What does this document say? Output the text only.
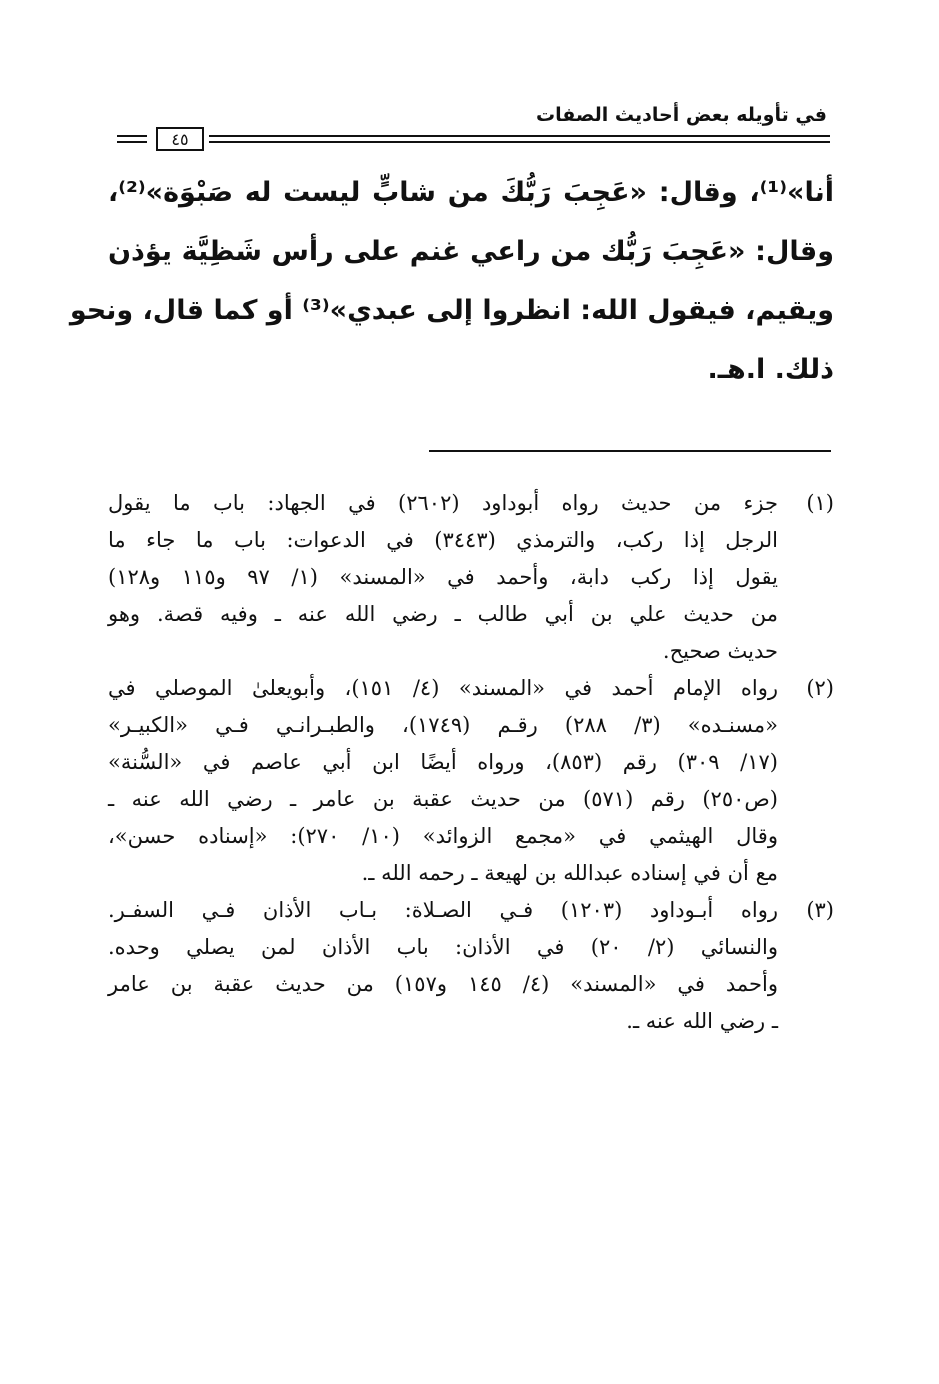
في تأويله بعض أحاديث الصفات
٤٥
أنا»⁽¹⁾، وقال: «عَجِبَ رَبُّكَ من شابٍّ ليست له صَبْوَة»⁽²⁾،
وقال: «عَجِبَ رَبُّك من راعي غنم على رأس شَظِيَّة يؤذن
ويقيم، فيقول الله: انظروا إلى عبدي»⁽³⁾ أو كما قال، ونحو
ذلك. ا.هـ.
(١)
جزء من حديث رواه أبوداود (٢٦٠٢) في الجهاد: باب ما يقول
الرجل إذا ركب، والترمذي (٣٤٤٣) في الدعوات: باب ما جاء ما
يقول إذا ركب دابة، وأحمد في «المسند» (١/ ٩٧ و١١٥ و١٢٨)
من حديث علي بن أبي طالب ـ رضي الله عنه ـ وفيه قصة. وهو
حديث صحيح.
(٢)
رواه الإمام أحمد في «المسند» (٤/ ١٥١)، وأبويعلىٰ الموصلي في
«مسنـده» (٣/ ٢٨٨) رقـم (١٧٤٩)، والطبـرانـي فـي «الكبيـر»
(١٧/ ٣٠٩) رقم (٨٥٣)، ورواه أيضًا ابن أبي عاصم في «السُّنة»
(ص٢٥٠) رقم (٥٧١) من حديث عقبة بن عامر ـ رضي الله عنه ـ
وقال الهيثمي في «مجمع الزوائد» (١٠/ ٢٧٠): «إسناده حسن»،
مع أن في إسناده عبدالله بن لهيعة ـ رحمه الله ـ.
(٣)
رواه أبـوداود (١٢٠٣) فـي الصـلاة: بـاب الأذان فـي السفـر.
والنسائي (٢/ ٢٠) في الأذان: باب الأذان لمن يصلي وحده.
وأحمد في «المسند» (٤/ ١٤٥ و١٥٧) من حديث عقبة بن عامر
ـ رضي الله عنه ـ.
